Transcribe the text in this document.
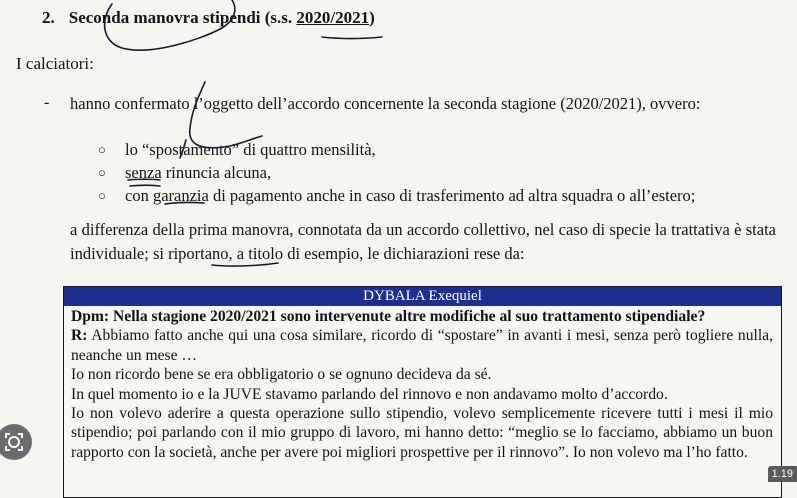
2. Seconda manovra stipendi (s.s. 2020/2021)
I calciatori:
- hanno confermato l’oggetto dell’accordo concernente la seconda stagione (2020/2021), ovvero:
○	lo “spostamento” di quattro mensilità,
○	senza rinuncia alcuna,
○	con garanzia di pagamento anche in caso di trasferimento ad altra squadra o all’estero;
a differenza della prima manovra, connotata da un accordo collettivo, nel caso di specie la trattativa è stata individuale; si riportano, a titolo di esempio, le dichiarazioni rese da:
DYBALA Exequiel

Dpm: Nella stagione 2020/2021 sono intervenute altre modifiche al suo trattamento stipendiale?

R: Abbiamo fatto anche qui una cosa similare, ricordo di “spostare” in avanti i mesi, senza però togliere nulla, neanche un mese …

Io non ricordo bene se era obbligatorio o se ognuno decideva da sé.

In quel momento io e la JUVE stavamo parlando del rinnovo e non andavamo molto d’accordo.

Io non volevo aderire a questa operazione sullo stipendio, volevo semplicemente ricevere tutti i mesi il mio stipendio; poi parlando con il mio gruppo di lavoro, mi hanno detto: “meglio se lo facciamo, abbiamo un buon rapporto con la società, anche per avere poi migliori prospettive per il rinnovo”. Io non volevo ma l’ho fatto.

1.19
